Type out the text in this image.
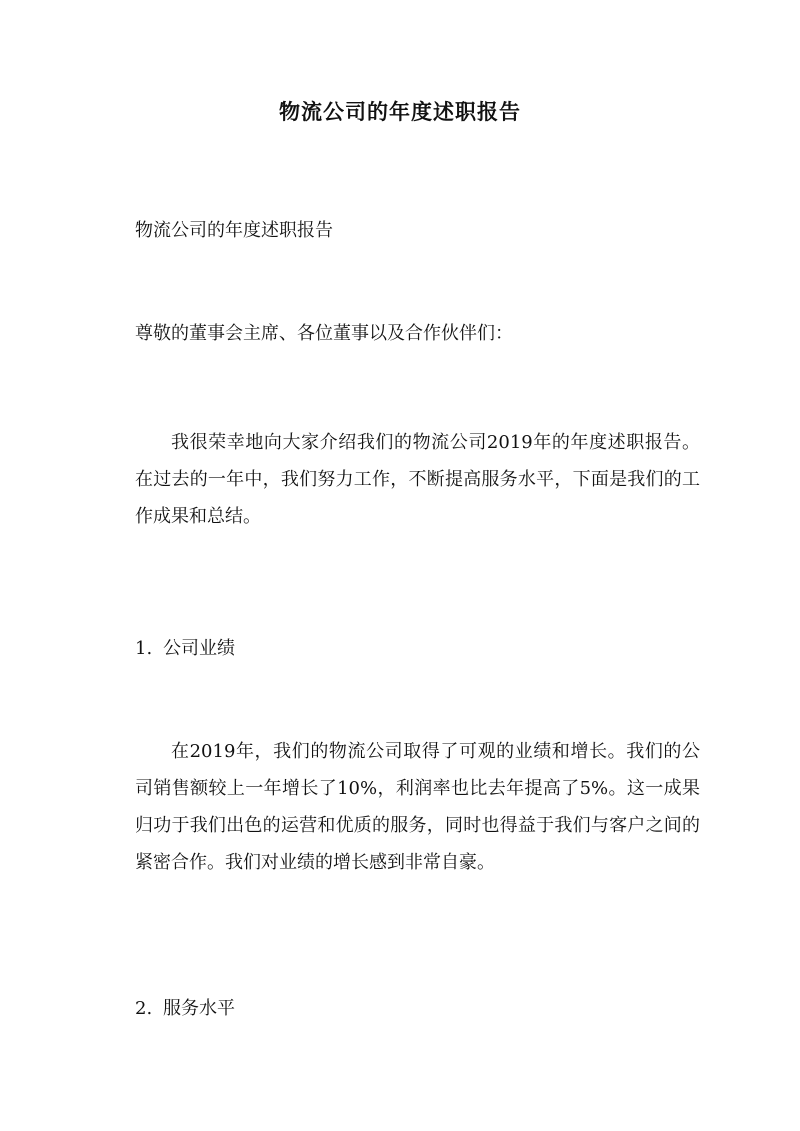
物流公司的年度述职报告

物流公司的年度述职报告

尊敬的董事会主席、各位董事以及合作伙伴们：

我很荣幸地向大家介绍我们的物流公司2019年的年度述职报告。在过去的一年中，我们努力工作，不断提高服务水平，下面是我们的工作成果和总结。

1. 公司业绩

在2019年，我们的物流公司取得了可观的业绩和增长。我们的公司销售额较上一年增长了10%，利润率也比去年提高了5%。这一成果归功于我们出色的运营和优质的服务，同时也得益于我们与客户之间的紧密合作。我们对业绩的增长感到非常自豪。

2. 服务水平
